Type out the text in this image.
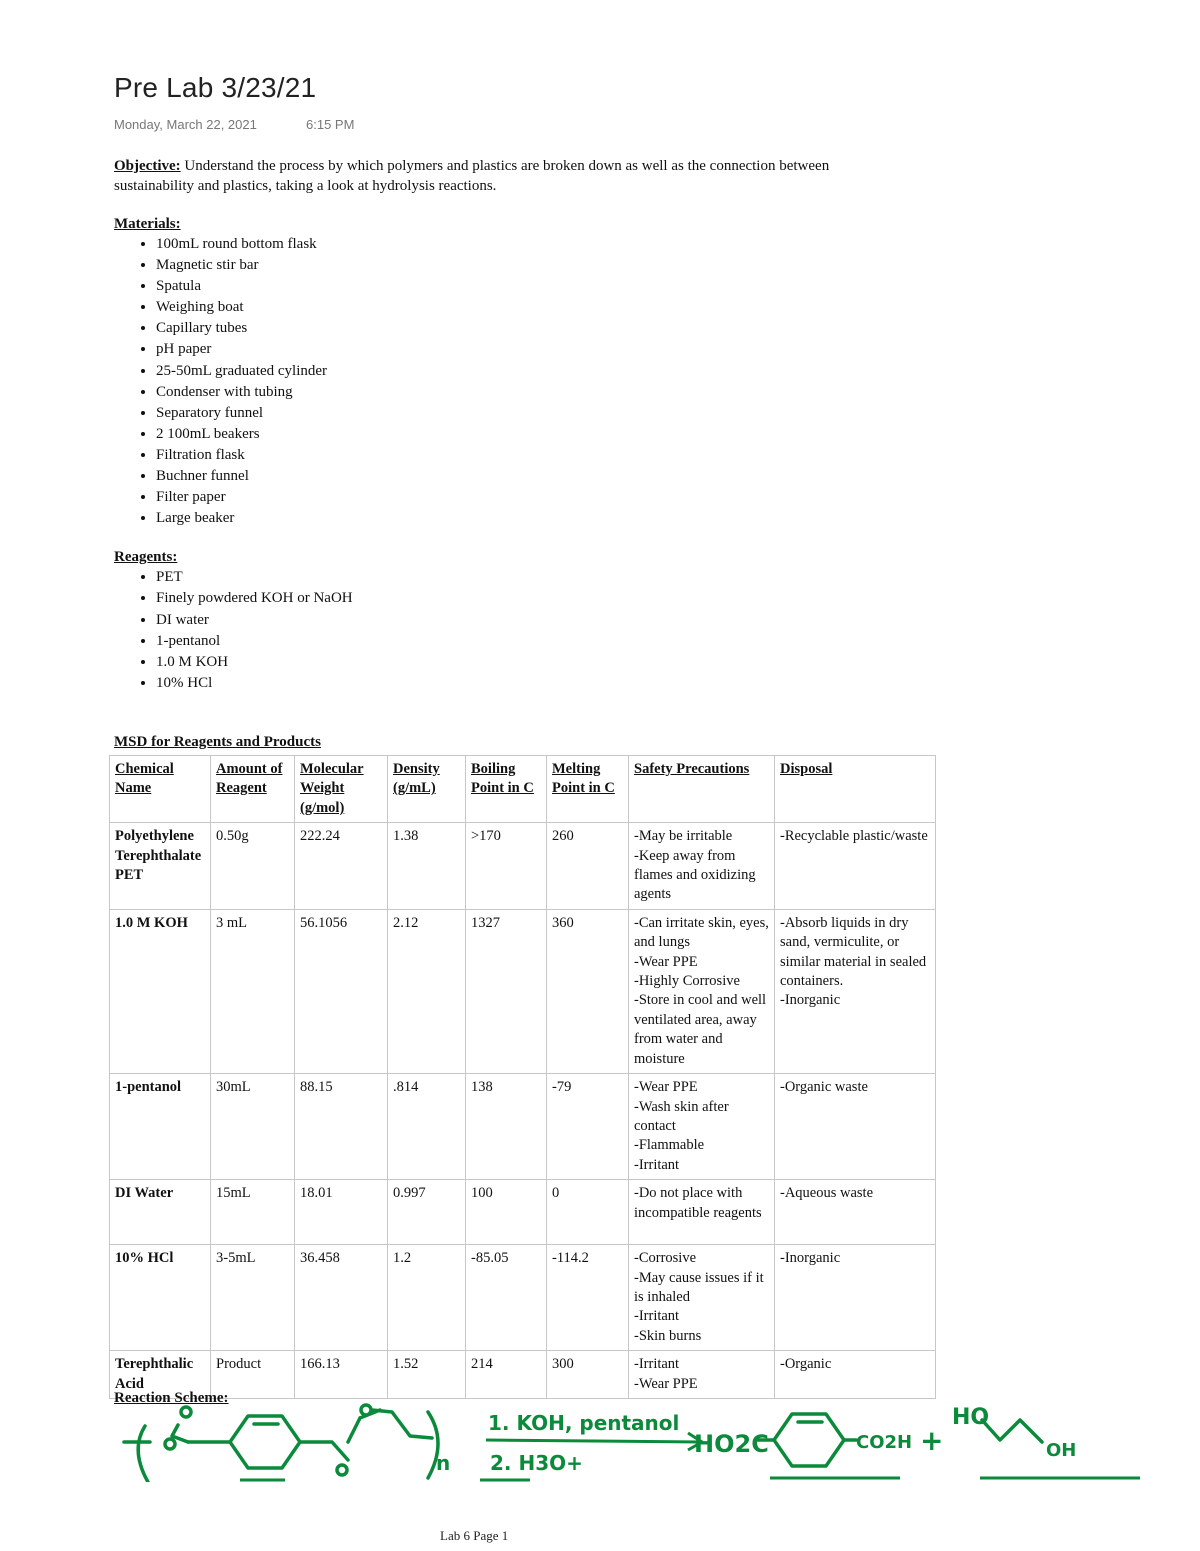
Pre Lab 3/23/21
Monday, March 22, 2021	6:15 PM

Objective: Understand the process by which polymers and plastics are broken down as well as the connection between sustainability and plastics, taking a look at hydrolysis reactions.

Materials:
• 100mL round bottom flask
• Magnetic stir bar
• Spatula
• Weighing boat
• Capillary tubes
• pH paper
• 25-50mL graduated cylinder
• Condenser with tubing
• Separatory funnel
• 2 100mL beakers
• Filtration flask
• Buchner funnel
• Filter paper
• Large beaker
Reagents:
• PET
• Finely powdered KOH or NaOH
• DI water
• 1-pentanol
• 1.0 M KOH
• 10% HCl
MSD for Reagents and Products
Chemical Name	Amount of Reagent	Molecular Weight (g/mol)	Density (g/mL)	Boiling Point in C	Melting Point in C	Safety Precautions	Disposal
Polyethylene Terephthalate PET	0.50g	222.24	1.38	>170	260	-May be irritable
-Keep away from flames and oxidizing agents	-Recyclable plastic/waste
1.0 M KOH	3 mL	56.1056	2.12	1327	360	-Can irritate skin, eyes, and lungs
-Wear PPE
-Highly Corrosive
-Store in cool and well ventilated area, away from water and moisture	-Absorb liquids in dry sand, vermiculite, or similar material in sealed containers.
-Inorganic
1-pentanol	30mL	88.15	.814	138	-79	-Wear PPE
-Wash skin after contact
-Flammable
-Irritant	-Organic waste
DI Water	15mL	18.01	0.997	100	0	-Do not place with incompatible reagents	-Aqueous waste
10% HCl	3-5mL	36.458	1.2	-85.05	-114.2	-Corrosive
-May cause issues if it is inhaled
-Irritant
-Skin burns	-Inorganic
Terephthalic Acid	Product	166.13	1.52	214	300	-Irritant
-Wear PPE	-Organic
Reaction Scheme:
n
1. KOH, pentanol
2. H3O+
HO2C	CO2H +
HO
OH
Lab 6 Page 1
